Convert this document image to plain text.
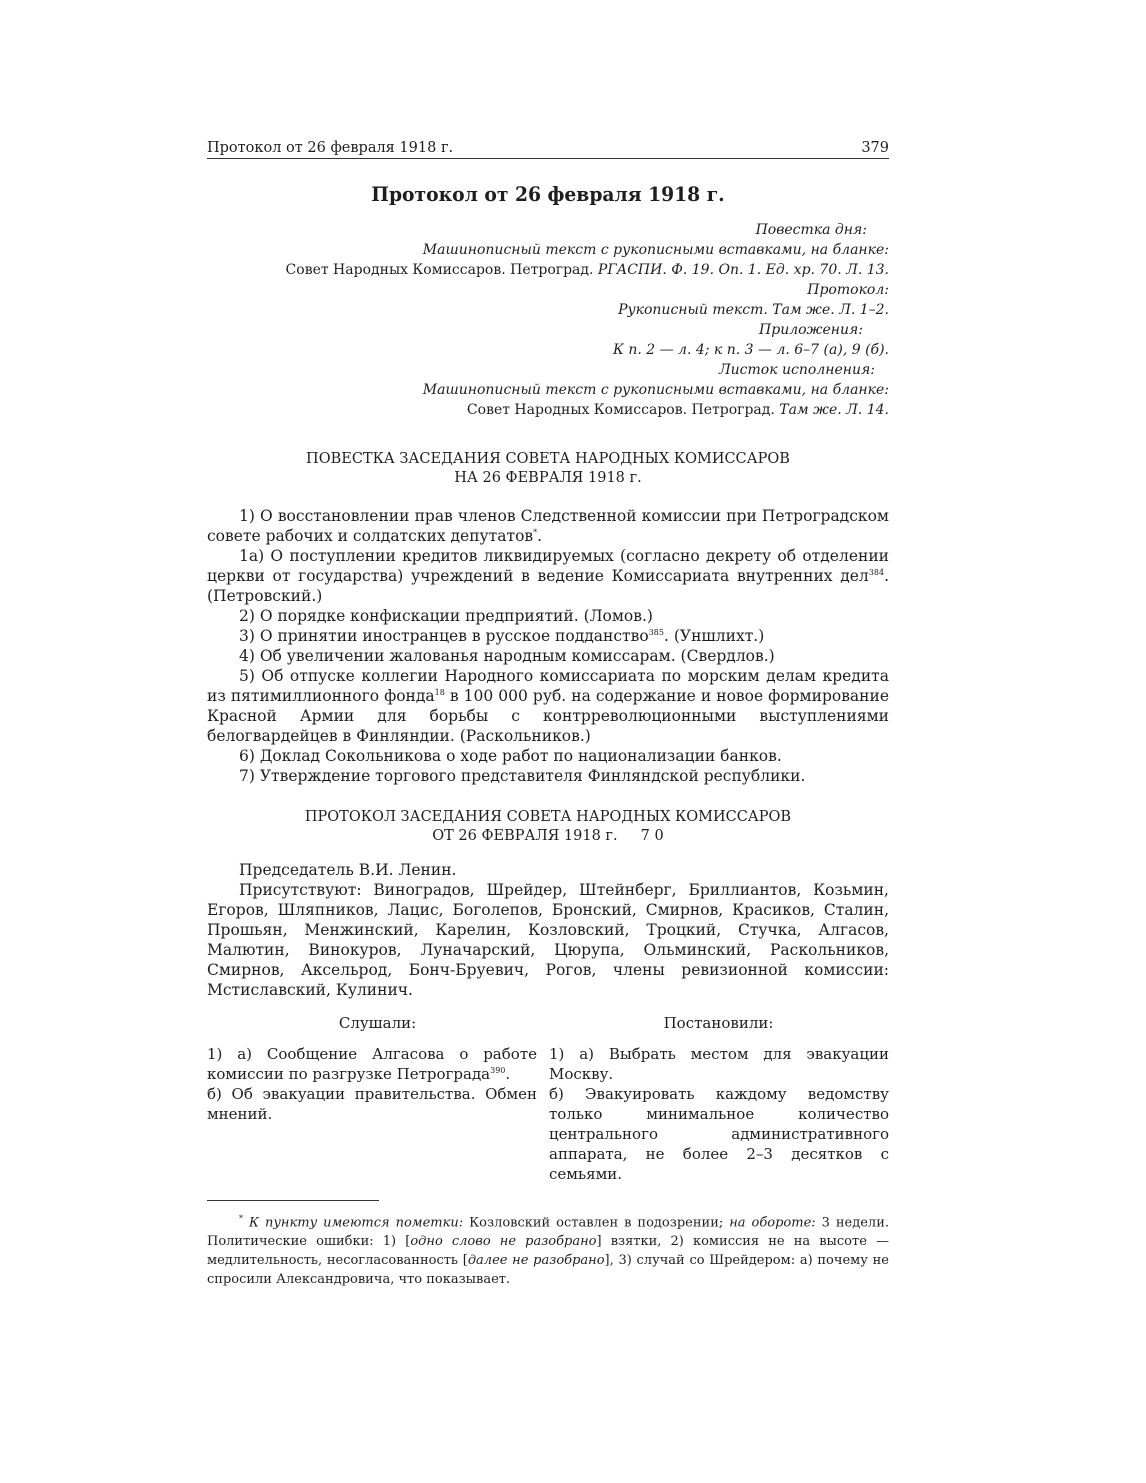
Протокол от 26 февраля 1918 г.	379
Протокол от 26 февраля 1918 г.
Повестка дня:
Машинописный текст с рукописными вставками, на бланке:
Совет Народных Комиссаров. Петроград. РГАСПИ. Ф. 19. Оп. 1. Ед. хр. 70. Л. 13.
Протокол:
Рукописный текст. Там же. Л. 1–2.
Приложения:
К п. 2 — л. 4; к п. 3 — л. 6–7 (а), 9 (б).
Листок исполнения:
Машинописный текст с рукописными вставками, на бланке:
Совет Народных Комиссаров. Петроград. Там же. Л. 14.
ПОВЕСТКА ЗАСЕДАНИЯ СОВЕТА НАРОДНЫХ КОМИССАРОВ
НА 26 ФЕВРАЛЯ 1918 г.

1) О восстановлении прав членов Следственной комиссии при Петроградском совете рабочих и солдатских депутатов*.

1а) О поступлении кредитов ликвидируемых (согласно декрету об отделении церкви от государства) учреждений в ведение Комиссариата внутренних дел$^{384}$. (Петровский.)

2) О порядке конфискации предприятий. (Ломов.)

3) О принятии иностранцев в русское подданство$^{385}$. (Уншлихт.)

4) Об увеличении жалованья народным комиссарам. (Свердлов.)

5) Об отпуске коллегии Народного комиссариата по морским делам кредита из пятимиллионного фонда$^{18}$ в 100 000 руб. на содержание и новое формирование Красной Армии для борьбы с контрреволюционными выступлениями белогвардейцев в Финляндии. (Раскольников.)

6) Доклад Сокольникова о ходе работ по национализации банков.

7) Утверждение торгового представителя Финляндской республики.

ПРОТОКОЛ ЗАСЕДАНИЯ СОВЕТА НАРОДНЫХ КОМИССАРОВ
ОТ 26 ФЕВРАЛЯ 1918 г.     7 0

Председатель В.И. Ленин.

Присутствуют: Виноградов, Шрейдер, Штейнберг, Бриллиантов, Козьмин, Егоров, Шляпников, Лацис, Боголепов, Бронский, Смирнов, Красиков, Сталин, Прошьян, Менжинский, Карелин, Козловский, Троцкий, Стучка, Алгасов, Малютин, Винокуров, Луначарский, Цюрупа, Ольминский, Раскольников, Смирнов, Аксельрод, Бонч-Бруевич, Рогов, члены ревизионной комиссии: Мстиславский, Кулинич.

Слушали:	Постановили:

1) а) Сообщение Алгасова о работе комиссии по разгрузке Петрограда$^{390}$.

б) Об эвакуации правительства. Обмен мнений.

1) а) Выбрать местом для эвакуации Москву.

б) Эвакуировать каждому ведомству только минимальное количество центрального административного аппарата, не более 2–3 десятков с семьями.

* К пункту имеются пометки: Козловский оставлен в подозрении; на обороте: 3 недели. Политические ошибки: 1) [одно слово не разобрано] взятки, 2) комиссия не на высоте — медлительность, несогласованность [далее не разобрано], 3) случай со Шрейдером: а) почему не спросили Александровича, что показывает.
